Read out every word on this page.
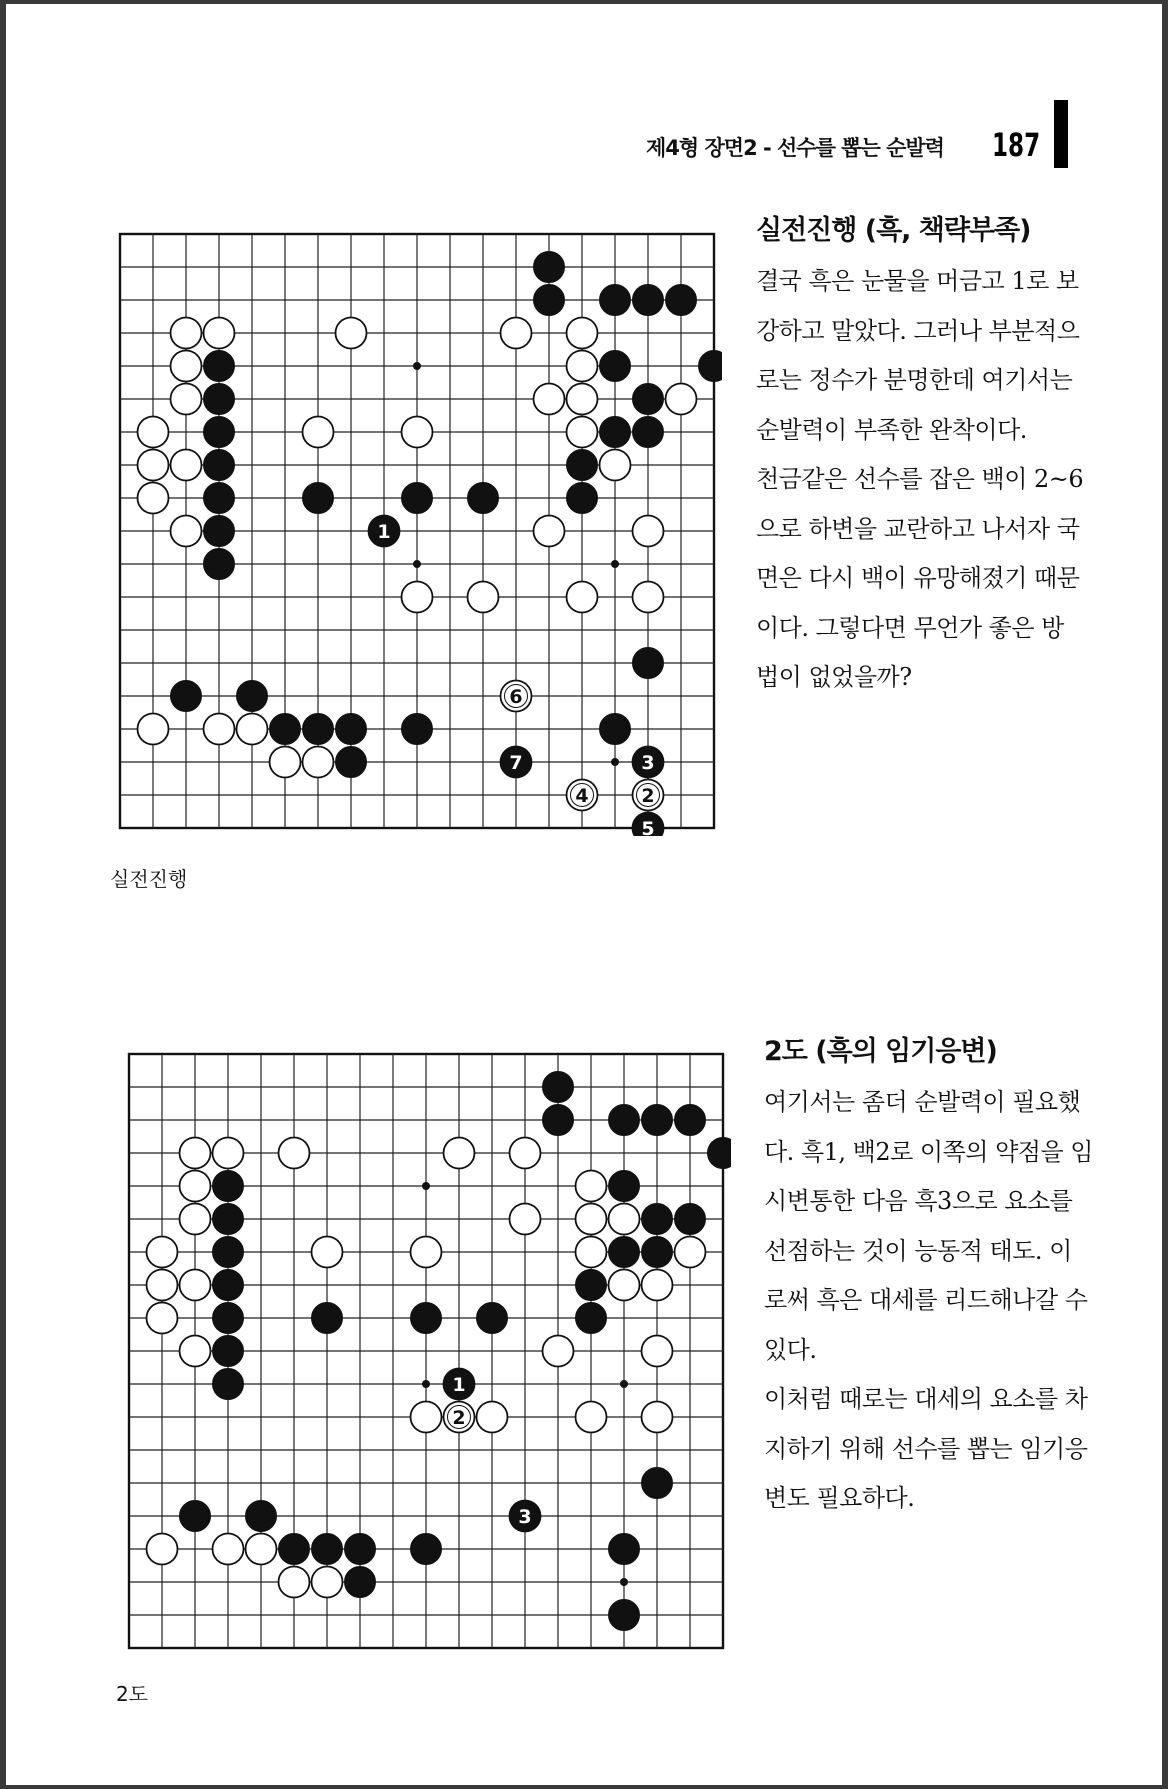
제4형 장면2 - 선수를 뽑는 순발력 187
1
2
3
4
5
6
7
실전진행
실전진행 (흑, 책략부족)

결국 흑은 눈물을 머금고 1로 보강하고 말았다. 그러나 부분적으로는 정수가 분명한데 여기서는 순발력이 부족한 완착이다.

천금같은 선수를 잡은 백이 2~6으로 하변을 교란하고 나서자 국면은 다시 백이 유망해졌기 때문이다. 그렇다면 무언가 좋은 방법이 없었을까?

1
2
3
2도
2도 (흑의 임기응변)

여기서는 좀더 순발력이 필요했다. 흑1, 백2로 이쪽의 약점을 임시변통한 다음 흑3으로 요소를 선점하는 것이 능동적 태도. 이로써 흑은 대세를 리드해나갈 수 있다.

이처럼 때로는 대세의 요소를 차지하기 위해 선수를 뽑는 임기응변도 필요하다.
